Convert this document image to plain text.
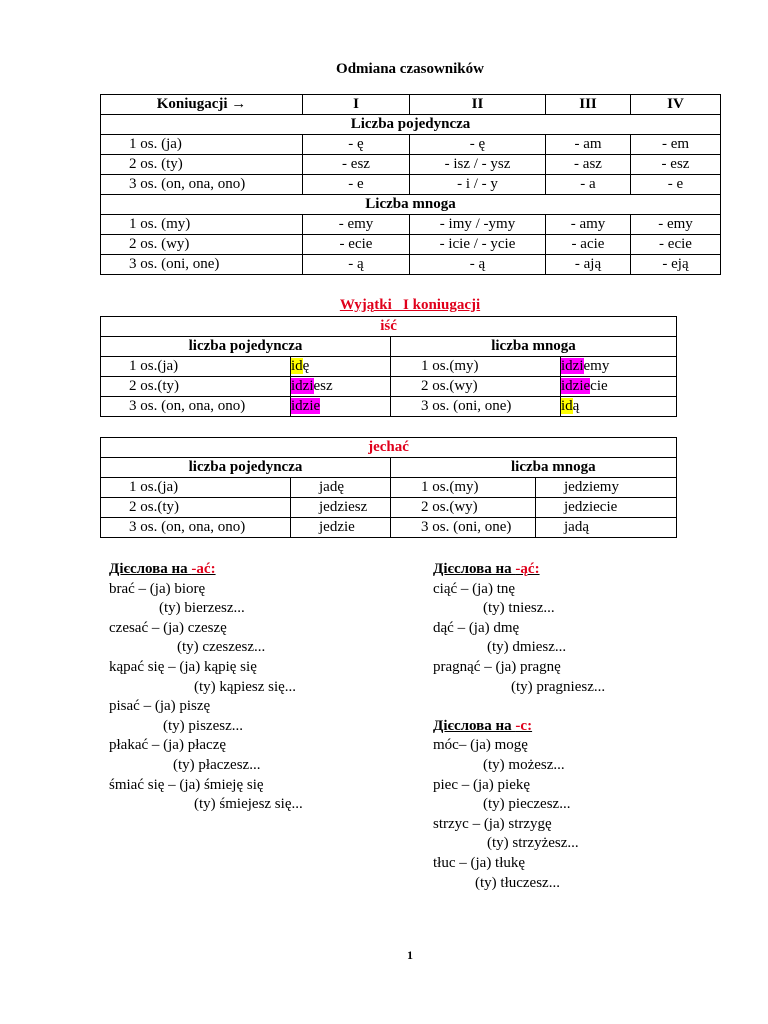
Odmiana czasowników
Koniugacji →	I	II	III	IV
Liczba pojedyncza				
1 os. (ja)	- ę	- ę	- am	- em
2 os. (ty)	- esz	- isz / - ysz	- asz	- esz
3 os. (on, ona, ono)	- e	- i / - y	- a	- e
Liczba mnoga				
1 os. (my)	- emy	- imy / -ymy	- amy	- emy
2 os. (wy)	- ecie	- icie / - ycie	- acie	- ecie
3 os. (oni, one)	- ą	- ą	- ają	- eją
Wyjątki   I koniugacji
iść			
liczba pojedyncza		liczba mnoga	
1 os.(ja)	idę	1 os.(my)	idziemy
2 os.(ty)	idziesz	2 os.(wy)	idziecie
3 os. (on, ona, ono)	idzie	3 os. (oni, one)	idą
jechać			
liczba pojedyncza		liczba mnoga	
1 os.(ja)	jadę	1 os.(my)	jedziemy
2 os.(ty)	jedziesz	2 os.(wy)	jedziecie
3 os. (on, ona, ono)	jedzie	3 os. (oni, one)	jadą
Дієслова на -ać:
brać – (ja) biorę
(ty) bierzesz...
czesać – (ja) czeszę
(ty) czeszesz...
kąpać się – (ja) kąpię się
(ty) kąpiesz się...
pisać – (ja) piszę
(ty) piszesz...
płakać – (ja) płaczę
(ty) płaczesz...
śmiać się – (ja) śmieję się
(ty) śmiejesz się...
Дієслова на -ąć:
ciąć – (ja) tnę
(ty) tniesz...
dąć – (ja) dmę
(ty) dmiesz...
pragnąć – (ja) pragnę
(ty) pragniesz...
Дієслова на -c:
móc– (ja) mogę
(ty) możesz...
piec – (ja) piekę
(ty) pieczesz...
strzyc – (ja) strzygę
(ty) strzyżesz...
tłuc – (ja) tłukę
(ty) tłuczesz...
1
